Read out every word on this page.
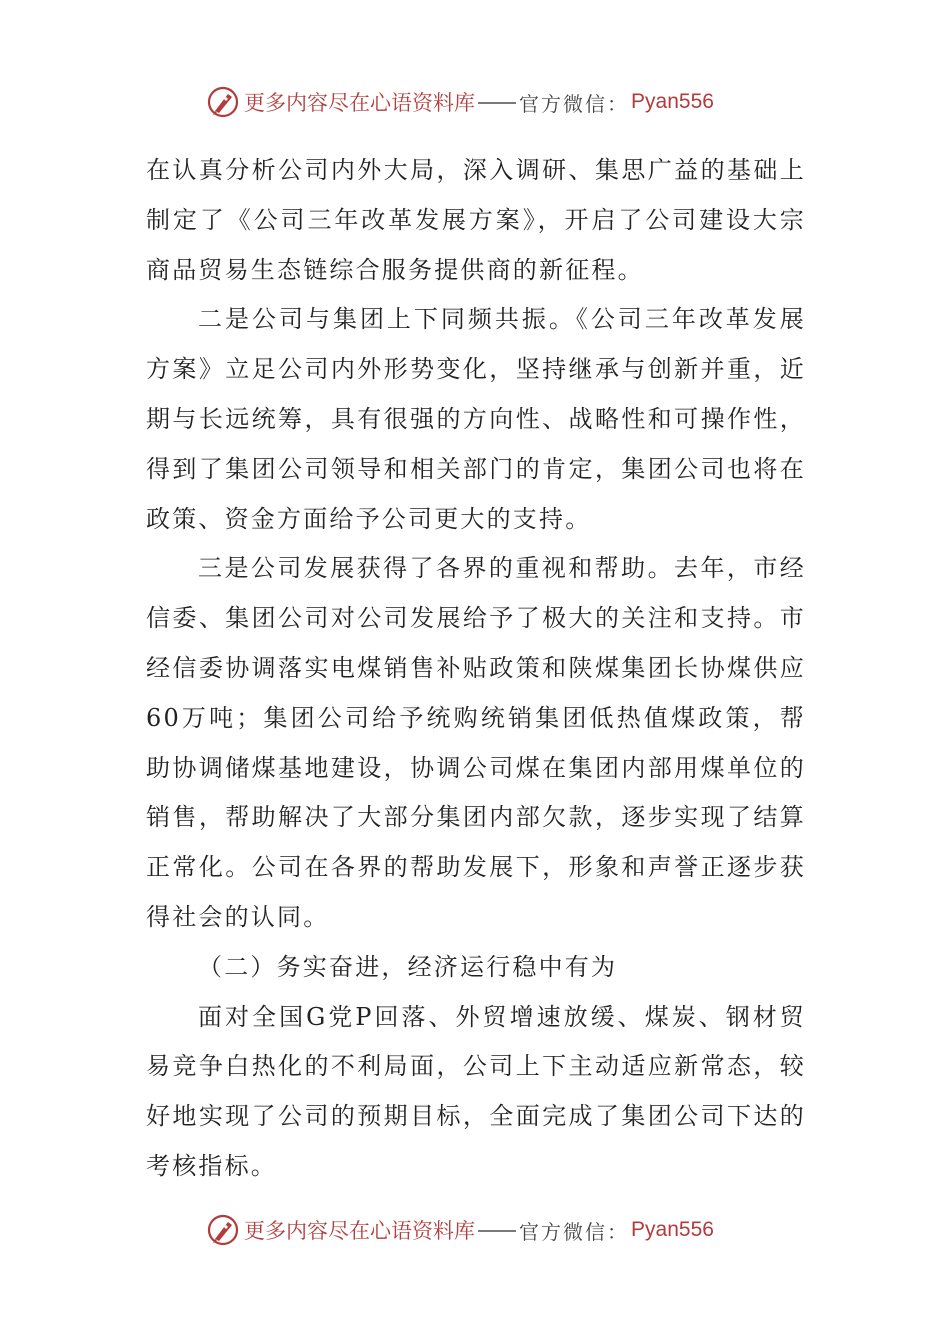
更多内容尽在心语资料库 官方微信： Pyan556

在认真分析公司内外大局，深入调研、集思广益的基础上制定了《公司三年改革发展方案》，开启了公司建设大宗商品贸易生态链综合服务提供商的新征程。

二是公司与集团上下同频共振。《公司三年改革发展方案》立足公司内外形势变化，坚持继承与创新并重，近期与长远统筹，具有很强的方向性、战略性和可操作性，得到了集团公司领导和相关部门的肯定，集团公司也将在政策、资金方面给予公司更大的支持。

三是公司发展获得了各界的重视和帮助。去年，市经信委、集团公司对公司发展给予了极大的关注和支持。市经信委协调落实电煤销售补贴政策和陕煤集团长协煤供应60万吨；集团公司给予统购统销集团低热值煤政策，帮助协调储煤基地建设，协调公司煤在集团内部用煤单位的销售，帮助解决了大部分集团内部欠款，逐步实现了结算正常化。公司在各界的帮助发展下，形象和声誉正逐步获得社会的认同。

（二）务实奋进，经济运行稳中有为

面对全国G党P回落、外贸增速放缓、煤炭、钢材贸易竞争白热化的不利局面，公司上下主动适应新常态，较好地实现了公司的预期目标，全面完成了集团公司下达的考核指标。

更多内容尽在心语资料库 官方微信： Pyan556
